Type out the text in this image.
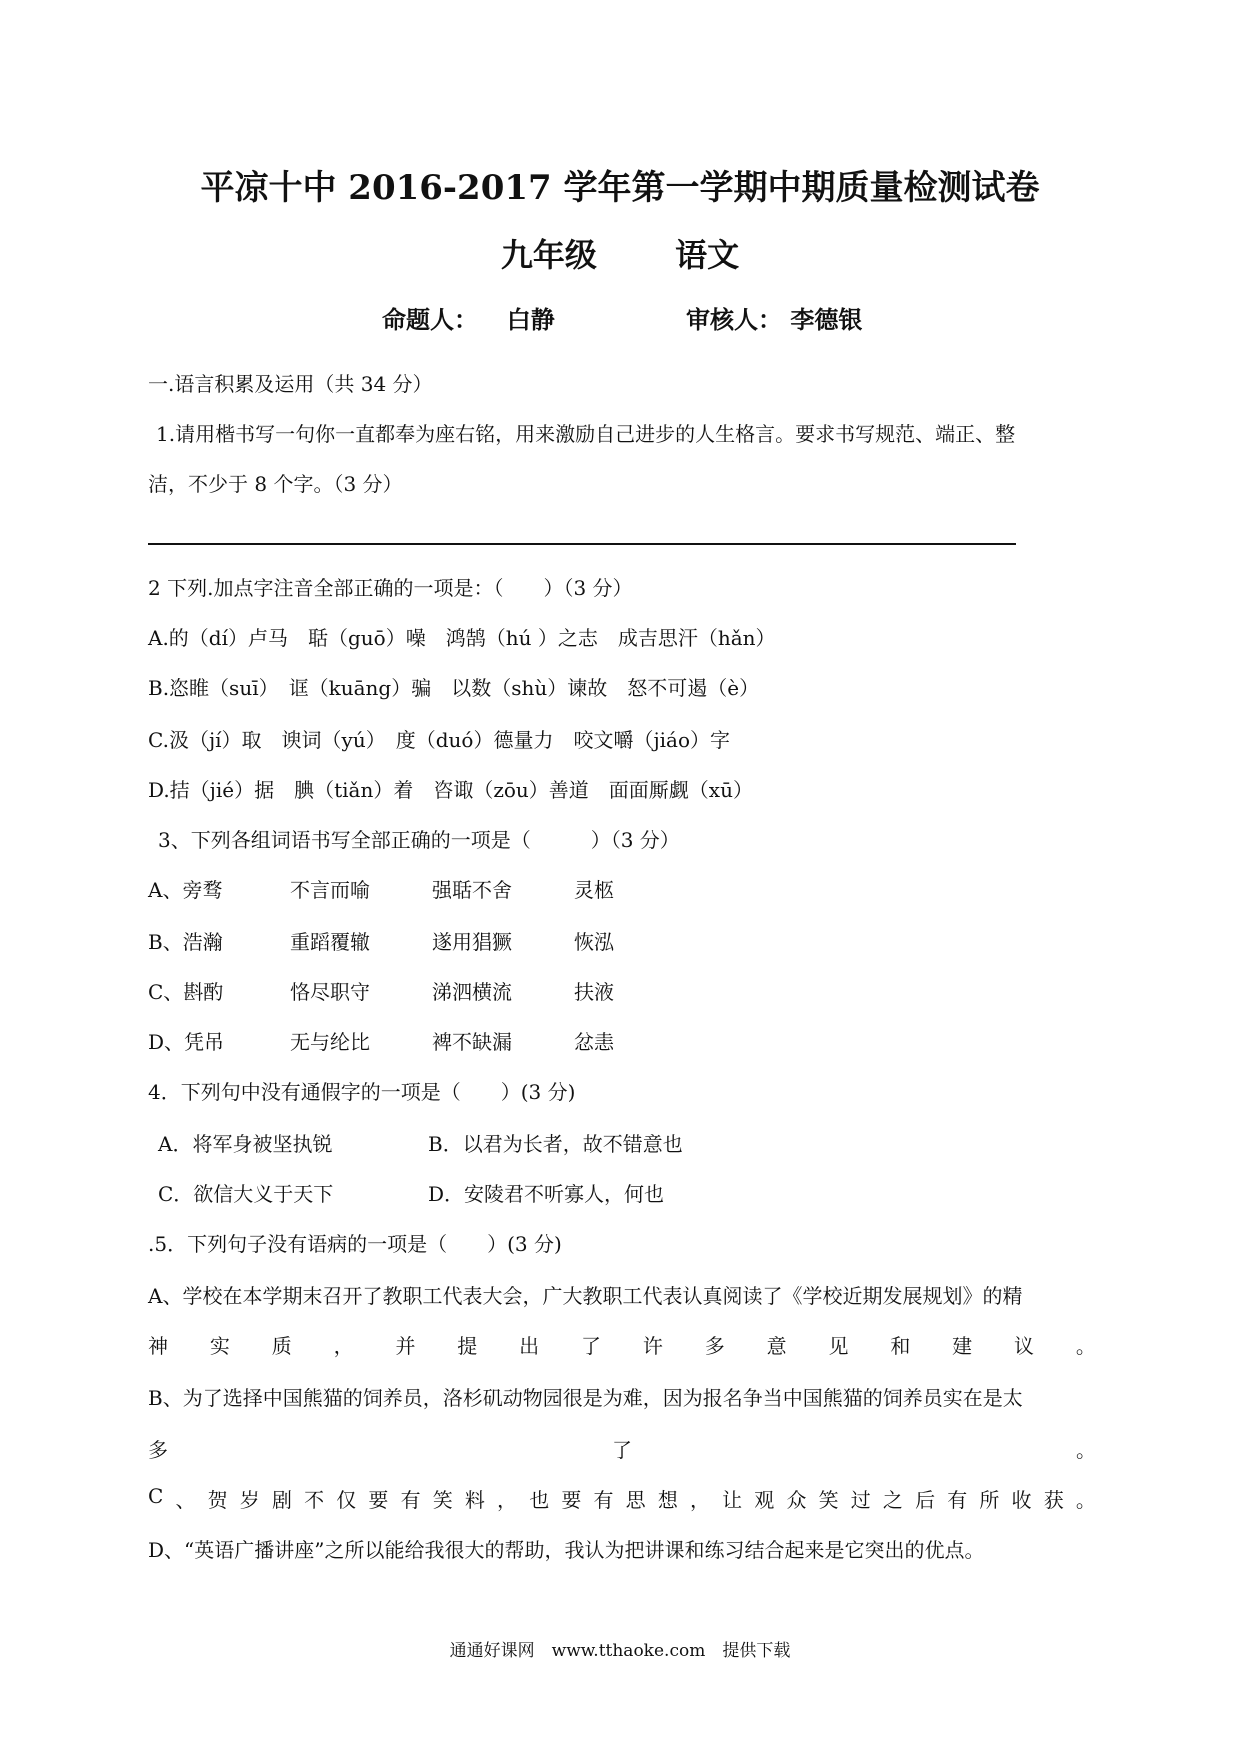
平凉十中 2016-2017 学年第一学期中期质量检测试卷
九年级 语文
命题人： 白静	审核人： 李德银
一.语言积累及运用（共 34 分）
1.请用楷书写一句你一直都奉为座右铭，用来激励自己进步的人生格言。要求书写规范、端正、整
洁，不少于 8 个字。（3 分）
2 下列.加点字注音全部正确的一项是：（　　）（3 分）
A.的（dí）卢马　聒（guō）噪　鸿鹄（hú ）之志　成吉思汗（hǎn）
B.恣睢（suī）　诓（kuāng）骗　以数（shù）谏故　怒不可遏（è）
C.汲（jí）取　谀词（yú）　度（duó）德量力　咬文嚼（jiáo）字
D.拮（jié）据　腆（tiǎn）着　咨诹（zōu）善道　面面厮觑（xū）
3、下列各组词语书写全部正确的一项是（　　　）（3 分）
A、旁骛	不言而喻	强聒不舍	灵柩
B、浩瀚	重蹈覆辙	遂用猖獗	恢泓
C、斟酌	恪尽职守	涕泗横流	扶液
D、凭吊	无与纶比	裨不缺漏	忿恚
4．下列句中没有通假字的一项是（　　）(3 分)
A．将军身被坚执锐	B．以君为长者，故不错意也
C．欲信大义于天下	D．安陵君不听寡人，何也
.5．下列句子没有语病的一项是（　　）(3 分)
A、学校在本学期末召开了教职工代表大会，广大教职工代表认真阅读了《学校近期发展规划》的精
神 实 质 ， 并 提 出 了 许 多 意 见 和 建 议 。
B、为了选择中国熊猫的饲养员，洛杉矶动物园很是为难，因为报名争当中国熊猫的饲养员实在是太
多	了	。
C 、 贺 岁 剧 不 仅 要 有 笑 料 ， 也 要 有 思 想 ， 让 观 众 笑 过 之 后 有 所 收 获 。
D、“英语广播讲座”之所以能给我很大的帮助，我认为把讲课和练习结合起来是它突出的优点。
通通好课网　www.tthaoke.com　提供下载
